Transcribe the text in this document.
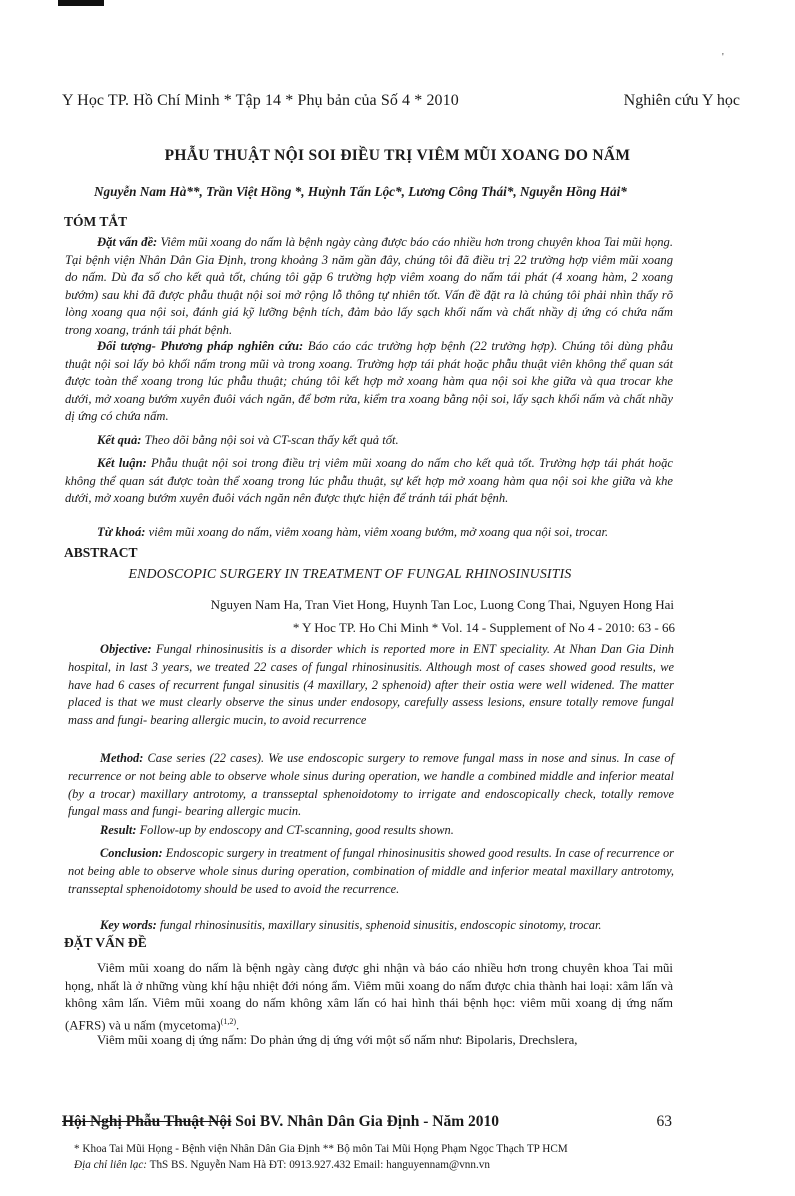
'
Y Học TP. Hồ Chí Minh * Tập 14 * Phụ bản của Số 4 * 2010	Nghiên cứu Y học
PHẪU THUẬT NỘI SOI ĐIỀU TRỊ VIÊM MŨI XOANG DO NẤM
Nguyễn Nam Hà**, Trần Việt Hồng *, Huỳnh Tấn Lộc*, Lương Công Thái*, Nguyễn Hồng Hải*
TÓM TẮT
Đặt vấn đề: Viêm mũi xoang do nấm là bệnh ngày càng được báo cáo nhiều hơn trong chuyên khoa Tai mũi họng. Tại bệnh viện Nhân Dân Gia Định, trong khoảng 3 năm gần đây, chúng tôi đã điều trị 22 trường hợp viêm mũi xoang do nấm. Dù đa số cho kết quả tốt, chúng tôi gặp 6 trường hợp viêm xoang do nấm tái phát (4 xoang hàm, 2 xoang bướm) sau khi đã được phẫu thuật nội soi mở rộng lỗ thông tự nhiên tốt. Vấn đề đặt ra là chúng tôi phải nhìn thấy rõ lòng xoang qua nội soi, đánh giá kỹ lưỡng bệnh tích, đảm bảo lấy sạch khối nấm và chất nhầy dị ứng có chứa nấm trong xoang, tránh tái phát bệnh.
Đối tượng- Phương pháp nghiên cứu: Báo cáo các trường hợp bệnh (22 trường hợp). Chúng tôi dùng phẫu thuật nội soi lấy bỏ khối nấm trong mũi và trong xoang. Trường hợp tái phát hoặc phẫu thuật viên không thể quan sát được toàn thể xoang trong lúc phẫu thuật; chúng tôi kết hợp mở xoang hàm qua nội soi khe giữa và qua trocar khe dưới, mở xoang bướm xuyên đuôi vách ngăn, để bơm rửa, kiểm tra xoang bằng nội soi, lấy sạch khối nấm và chất nhầy dị ứng có chứa nấm.
Kết quả: Theo dõi bằng nội soi và CT-scan thấy kết quả tốt.
Kết luận: Phẫu thuật nội soi trong điều trị viêm mũi xoang do nấm cho kết quả tốt. Trường hợp tái phát hoặc không thể quan sát được toàn thể xoang trong lúc phẫu thuật, sự kết hợp mở xoang hàm qua nội soi khe giữa và khe dưới, mở xoang bướm xuyên đuôi vách ngăn nên được thực hiện để tránh tái phát bệnh.
Từ khoá: viêm mũi xoang do nấm, viêm xoang hàm, viêm xoang bướm, mở xoang qua nội soi, trocar.
ABSTRACT
ENDOSCOPIC SURGERY IN TREATMENT OF FUNGAL RHINOSINUSITIS
Nguyen Nam Ha, Tran Viet Hong, Huynh Tan Loc, Luong Cong Thai, Nguyen Hong Hai
* Y Hoc TP. Ho Chi Minh * Vol. 14 - Supplement of No 4 - 2010: 63 - 66
Objective: Fungal rhinosinusitis is a disorder which is reported more in ENT speciality. At Nhan Dan Gia Dinh hospital, in last 3 years, we treated 22 cases of fungal rhinosinusitis. Although most of cases showed good results, we have had 6 cases of recurrent fungal sinusitis (4 maxillary, 2 sphenoid) after their ostia were well widened. The matter placed is that we must clearly observe the sinus under endosopy, carefully assess lesions, ensure totally remove fungal mass and fungi- bearing allergic mucin, to avoid recurrence
Method: Case series (22 cases). We use endoscopic surgery to remove fungal mass in nose and sinus. In case of recurrence or not being able to observe whole sinus during operation, we handle a combined middle and inferior meatal (by a trocar) maxillary antrotomy, a transseptal sphenoidotomy to irrigate and endoscopically check, totally remove fungal mass and fungi- bearing allergic mucin.
Result: Follow-up by endoscopy and CT-scanning, good results shown.
Conclusion: Endoscopic surgery in treatment of fungal rhinosinusitis showed good results. In case of recurrence or not being able to observe whole sinus during operation, combination of middle and inferior meatal maxillary antrotomy, transseptal sphenoidotomy should be used to avoid the recurrence.
Key words: fungal rhinosinusitis, maxillary sinusitis, sphenoid sinusitis, endoscopic sinotomy, trocar.
ĐẶT VẤN ĐỀ
Viêm mũi xoang do nấm là bệnh ngày càng được ghi nhận và báo cáo nhiều hơn trong chuyên khoa Tai mũi họng, nhất là ở những vùng khí hậu nhiệt đới nóng ẩm. Viêm mũi xoang do nấm được chia thành hai loại: xâm lấn và không xâm lấn. Viêm mũi xoang do nấm không xâm lấn có hai hình thái bệnh học: viêm mũi xoang dị ứng nấm (AFRS) và u nấm (mycetoma)$^{(1,2)}$.
Viêm mũi xoang dị ứng nấm: Do phản ứng dị ứng với một số nấm như: Bipolaris, Drechslera,
Hội Nghị Phẫu Thuật Nội Soi BV. Nhân Dân Gia Định - Năm 2010	63
* Khoa Tai Mũi Họng - Bệnh viện Nhân Dân Gia Định ** Bộ môn Tai Mũi Họng Phạm Ngọc Thạch TP HCM
Địa chỉ liên lạc: ThS BS. Nguyễn Nam Hà ĐT: 0913.927.432 Email: hanguyennam@vnn.vn
